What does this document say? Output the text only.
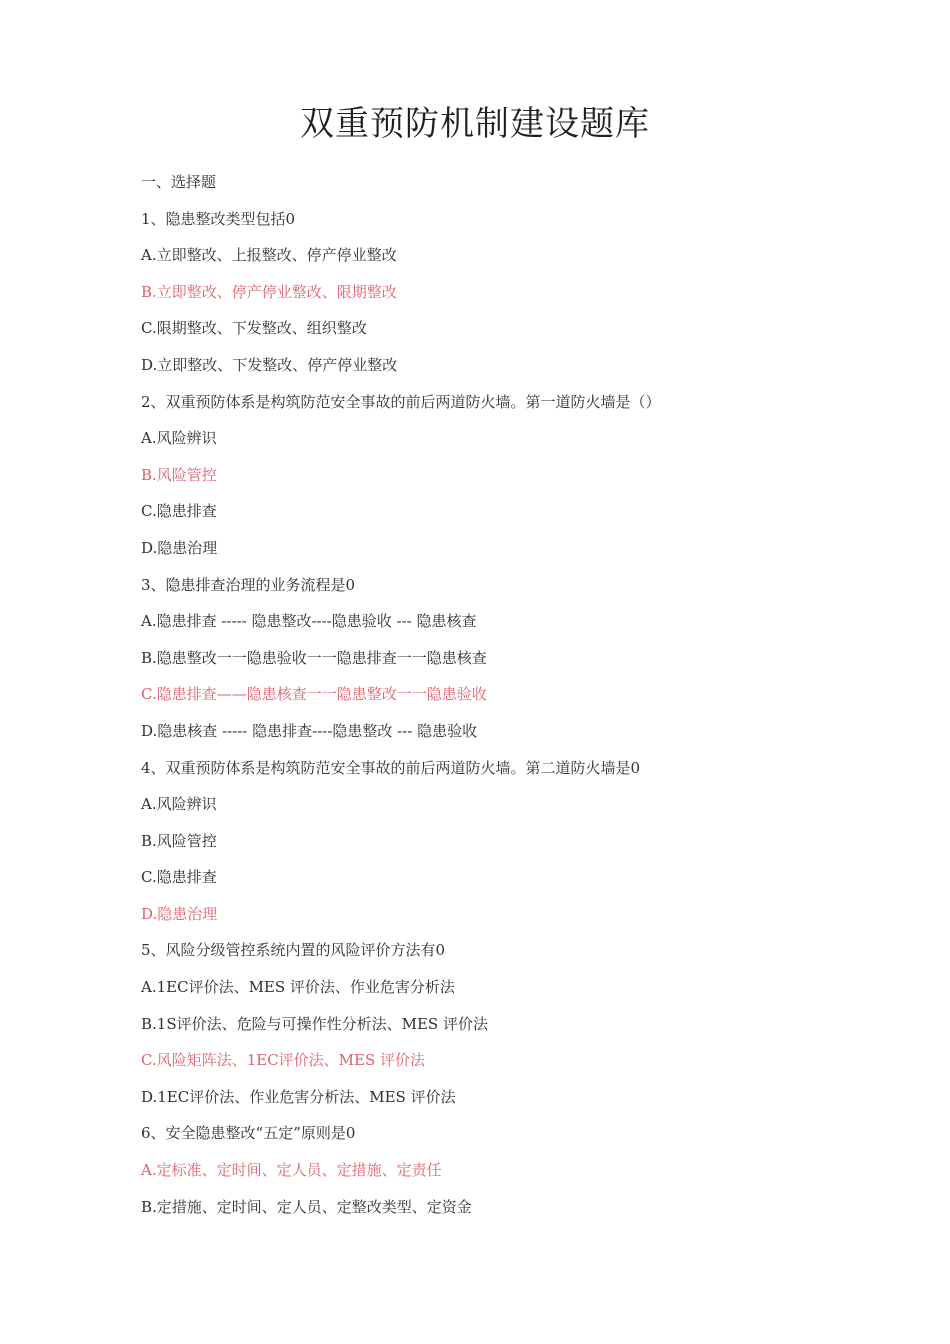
双重预防机制建设题库
一、选择题
1、隐患整改类型包括0
A.立即整改、上报整改、停产停业整改
B.立即整改、停产停业整改、限期整改
C.限期整改、下发整改、组织整改
D.立即整改、下发整改、停产停业整改
2、双重预防体系是构筑防范安全事故的前后两道防火墙。第一道防火墙是（）
A.风险辨识
B.风险管控
C.隐患排查
D.隐患治理
3、隐患排查治理的业务流程是0
A.隐患排查 ----- 隐患整改----隐患验收 --- 隐患核查
B.隐患整改一一隐患验收一一隐患排查一一隐患核查
C.隐患排查——隐患核查一一隐患整改一一隐患验收
D.隐患核查 ----- 隐患排查----隐患整改 --- 隐患验收
4、双重预防体系是构筑防范安全事故的前后两道防火墙。第二道防火墙是0
A.风险辨识
B.风险管控
C.隐患排查
D.隐患治理
5、风险分级管控系统内置的风险评价方法有0
A.1EC评价法、MES 评价法、作业危害分析法
B.1S评价法、危险与可操作性分析法、MES 评价法
C.风险矩阵法、1EC评价法、MES 评价法
D.1EC评价法、作业危害分析法、MES 评价法
6、安全隐患整改“五定”原则是0
A.定标准、定时间、定人员、定措施、定责任
B.定措施、定时间、定人员、定整改类型、定资金
